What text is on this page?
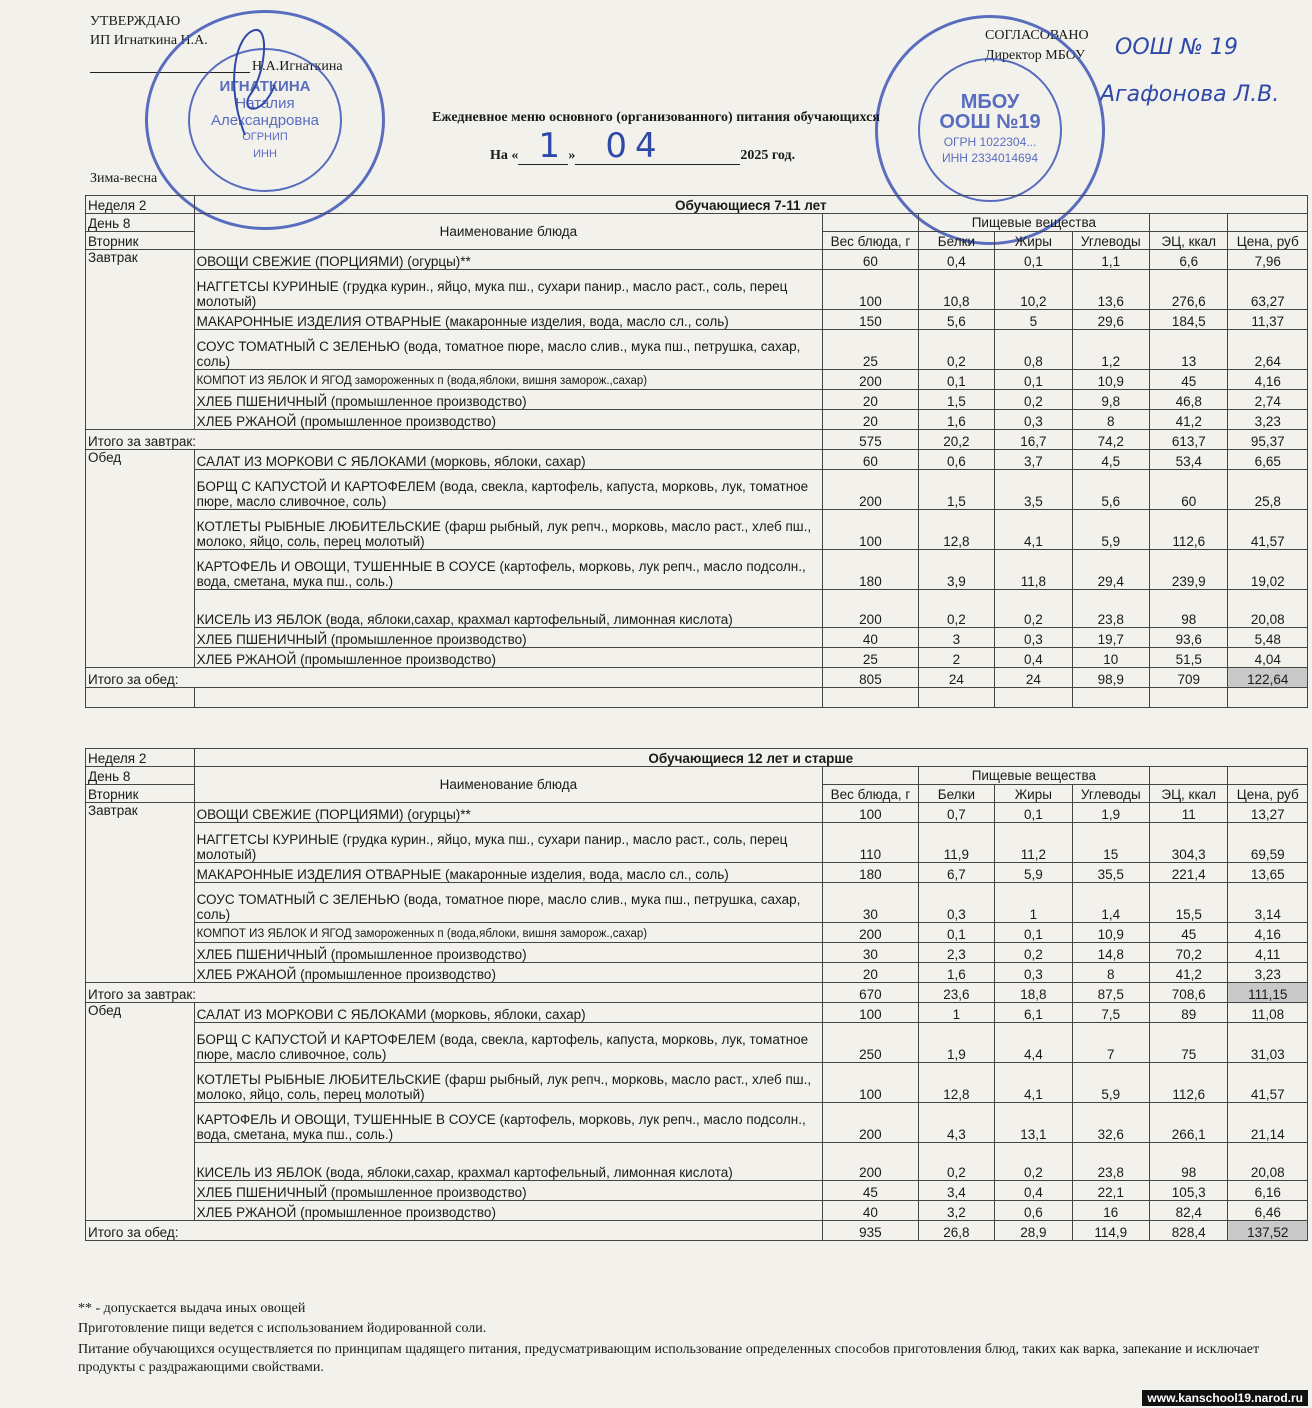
УТВЕРЖДАЮ
ИП Игнаткина Н.А.
Н.А.Игнаткина
СОГЛАСОВАНО
Директор МБОУ ООШ № 19
Агафонова Л.В.
ИГНАТКИНА
Наталия
Александровна
ОГРНИП
ИНН
МБОУ
ООШ №19
ОГРН 1022304...
ИНН 2334014694
Ежедневное меню основного (организованного) питания обучающихся
На « 1 » 04	2025 год.
Зима-весна
Неделя 2	Обучающиеся 7-11 лет						
День 8	Наименование блюда		Пищевые вещества				
Вторник		Вес блюда, г	Белки	Жиры	Углеводы	ЭЦ, ккал	Цена, руб
Завтрак	ОВОЩИ СВЕЖИЕ (ПОРЦИЯМИ) (огурцы)**	60	0,4	0,1	1,1	6,6	7,96
	НАГГЕТСЫ КУРИНЫЕ (грудка курин., яйцо, мука пш., сухари панир., масло раст., соль, перец молотый)	100	10,8	10,2	13,6	276,6	63,27
	МАКАРОННЫЕ ИЗДЕЛИЯ ОТВАРНЫЕ (макаронные изделия, вода, масло сл., соль)	150	5,6	5	29,6	184,5	11,37
	СОУС ТОМАТНЫЙ С ЗЕЛЕНЬЮ (вода, томатное пюре, масло слив., мука пш., петрушка, сахар, соль)	25	0,2	0,8	1,2	13	2,64
	КОМПОТ ИЗ ЯБЛОК И ЯГОД замороженных п (вода,яблоки, вишня заморож.,сахар)	200	0,1	0,1	10,9	45	4,16
	ХЛЕБ ПШЕНИЧНЫЙ (промышленное производство)	20	1,5	0,2	9,8	46,8	2,74
	ХЛЕБ РЖАНОЙ (промышленное производство)	20	1,6	0,3	8	41,2	3,23
Итого за завтрак:		575	20,2	16,7	74,2	613,7	95,37
Обед	САЛАТ ИЗ МОРКОВИ С ЯБЛОКАМИ (морковь, яблоки, сахар)	60	0,6	3,7	4,5	53,4	6,65
	БОРЩ С КАПУСТОЙ И КАРТОФЕЛЕМ (вода, свекла, картофель, капуста, морковь, лук, томатное пюре, масло сливочное, соль)	200	1,5	3,5	5,6	60	25,8
	КОТЛЕТЫ РЫБНЫЕ ЛЮБИТЕЛЬСКИЕ (фарш рыбный, лук репч., морковь, масло раст., хлеб пш., молоко, яйцо, соль, перец молотый)	100	12,8	4,1	5,9	112,6	41,57
	КАРТОФЕЛЬ И ОВОЩИ, ТУШЕННЫЕ В СОУСЕ (картофель, морковь, лук репч., масло подсолн., вода, сметана, мука пш., соль.)	180	3,9	11,8	29,4	239,9	19,02
	КИСЕЛЬ ИЗ ЯБЛОК (вода, яблоки,сахар, крахмал картофельный, лимонная кислота)	200	0,2	0,2	23,8	98	20,08
	ХЛЕБ ПШЕНИЧНЫЙ (промышленное производство)	40	3	0,3	19,7	93,6	5,48
	ХЛЕБ РЖАНОЙ (промышленное производство)	25	2	0,4	10	51,5	4,04
Итого за обед:		805	24	24	98,9	709	122,64

Неделя 2	Обучающиеся 12 лет и старше						
День 8	Наименование блюда		Пищевые вещества				
Вторник		Вес блюда, г	Белки	Жиры	Углеводы	ЭЦ, ккал	Цена, руб
Завтрак	ОВОЩИ СВЕЖИЕ (ПОРЦИЯМИ) (огурцы)**	100	0,7	0,1	1,9	11	13,27
	НАГГЕТСЫ КУРИНЫЕ (грудка курин., яйцо, мука пш., сухари панир., масло раст., соль, перец молотый)	110	11,9	11,2	15	304,3	69,59
	МАКАРОННЫЕ ИЗДЕЛИЯ ОТВАРНЫЕ (макаронные изделия, вода, масло сл., соль)	180	6,7	5,9	35,5	221,4	13,65
	СОУС ТОМАТНЫЙ С ЗЕЛЕНЬЮ (вода, томатное пюре, масло слив., мука пш., петрушка, сахар, соль)	30	0,3	1	1,4	15,5	3,14
	КОМПОТ ИЗ ЯБЛОК И ЯГОД замороженных п (вода,яблоки, вишня заморож.,сахар)	200	0,1	0,1	10,9	45	4,16
	ХЛЕБ ПШЕНИЧНЫЙ (промышленное производство)	30	2,3	0,2	14,8	70,2	4,11
	ХЛЕБ РЖАНОЙ (промышленное производство)	20	1,6	0,3	8	41,2	3,23
Итого за завтрак:		670	23,6	18,8	87,5	708,6	111,15
Обед	САЛАТ ИЗ МОРКОВИ С ЯБЛОКАМИ (морковь, яблоки, сахар)	100	1	6,1	7,5	89	11,08
	БОРЩ С КАПУСТОЙ И КАРТОФЕЛЕМ (вода, свекла, картофель, капуста, морковь, лук, томатное пюре, масло сливочное, соль)	250	1,9	4,4	7	75	31,03
	КОТЛЕТЫ РЫБНЫЕ ЛЮБИТЕЛЬСКИЕ (фарш рыбный, лук репч., морковь, масло раст., хлеб пш., молоко, яйцо, соль, перец молотый)	100	12,8	4,1	5,9	112,6	41,57
	КАРТОФЕЛЬ И ОВОЩИ, ТУШЕННЫЕ В СОУСЕ (картофель, морковь, лук репч., масло подсолн., вода, сметана, мука пш., соль.)	200	4,3	13,1	32,6	266,1	21,14
	КИСЕЛЬ ИЗ ЯБЛОК (вода, яблоки,сахар, крахмал картофельный, лимонная кислота)	200	0,2	0,2	23,8	98	20,08
	ХЛЕБ ПШЕНИЧНЫЙ (промышленное производство)	45	3,4	0,4	22,1	105,3	6,16
	ХЛЕБ РЖАНОЙ (промышленное производство)	40	3,2	0,6	16	82,4	6,46
Итого за обед:		935	26,8	28,9	114,9	828,4	137,52
** - допускается выдача иных овощей
Приготовление пищи ведется с использованием йодированной соли.
Питание обучающихся осуществляется по принципам щадящего питания, предусматривающим использование определенных способов приготовления блюд, таких как варка, запекание и исключает продукты с раздражающими свойствами.
www.kanschool19.narod.ru
